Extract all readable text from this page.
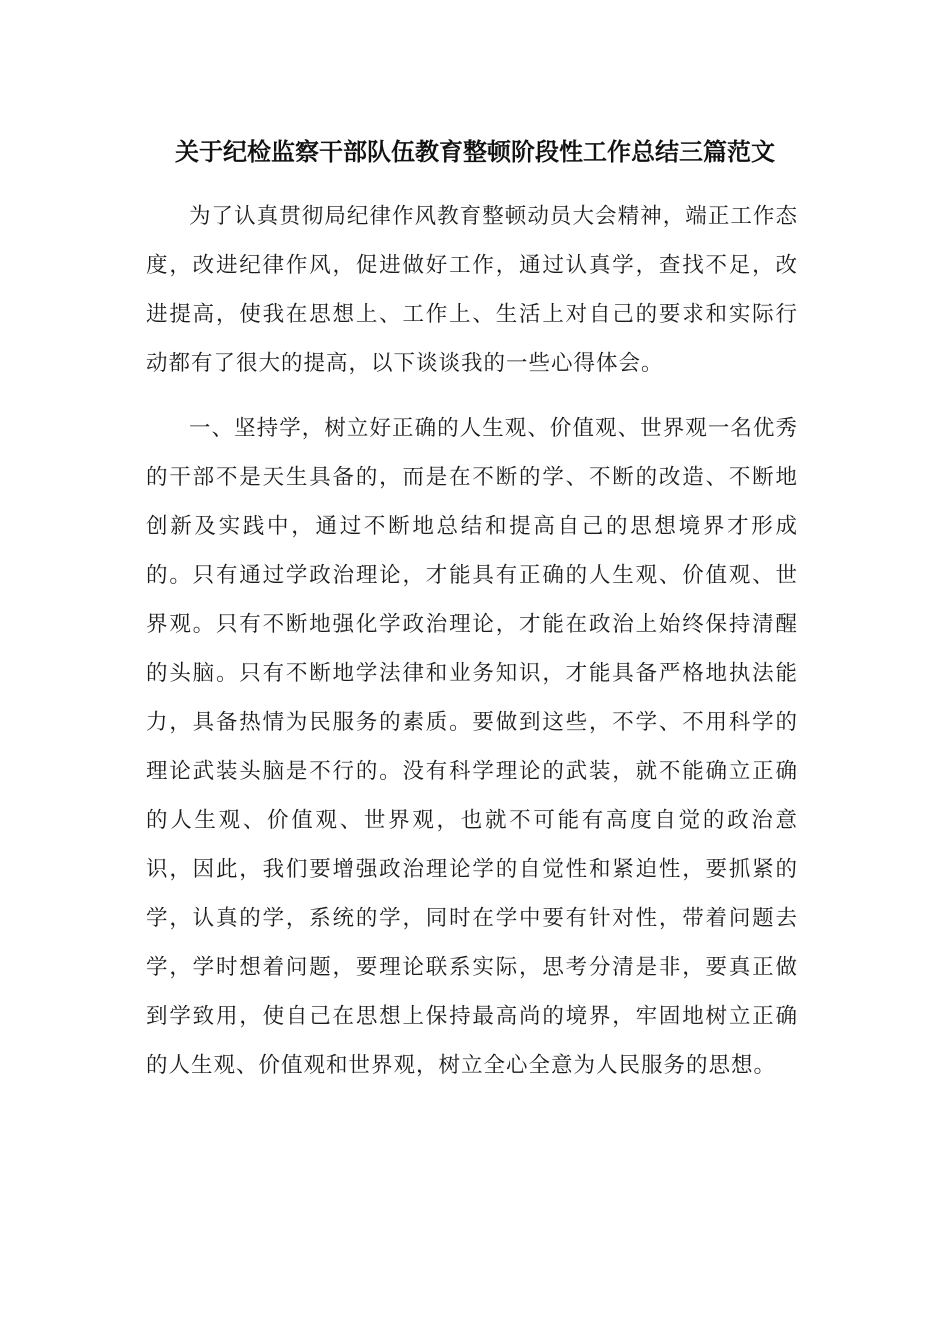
关于纪检监察干部队伍教育整顿阶段性工作总结三篇范文

为了认真贯彻局纪律作风教育整顿动员大会精神，端正工作态度，改进纪律作风，促进做好工作，通过认真学，查找不足，改进提高，使我在思想上、工作上、生活上对自己的要求和实际行动都有了很大的提高，以下谈谈我的一些心得体会。

一、坚持学，树立好正确的人生观、价值观、世界观一名优秀的干部不是天生具备的，而是在不断的学、不断的改造、不断地创新及实践中，通过不断地总结和提高自己的思想境界才形成的。只有通过学政治理论，才能具有正确的人生观、价值观、世界观。只有不断地强化学政治理论，才能在政治上始终保持清醒的头脑。只有不断地学法律和业务知识，才能具备严格地执法能力，具备热情为民服务的素质。要做到这些，不学、不用科学的理论武装头脑是不行的。没有科学理论的武装，就不能确立正确的人生观、价值观、世界观，也就不可能有高度自觉的政治意识，因此，我们要增强政治理论学的自觉性和紧迫性，要抓紧的学，认真的学，系统的学，同时在学中要有针对性，带着问题去学，学时想着问题，要理论联系实际，思考分清是非，要真正做到学致用，使自己在思想上保持最高尚的境界，牢固地树立正确的人生观、价值观和世界观，树立全心全意为人民服务的思想。
